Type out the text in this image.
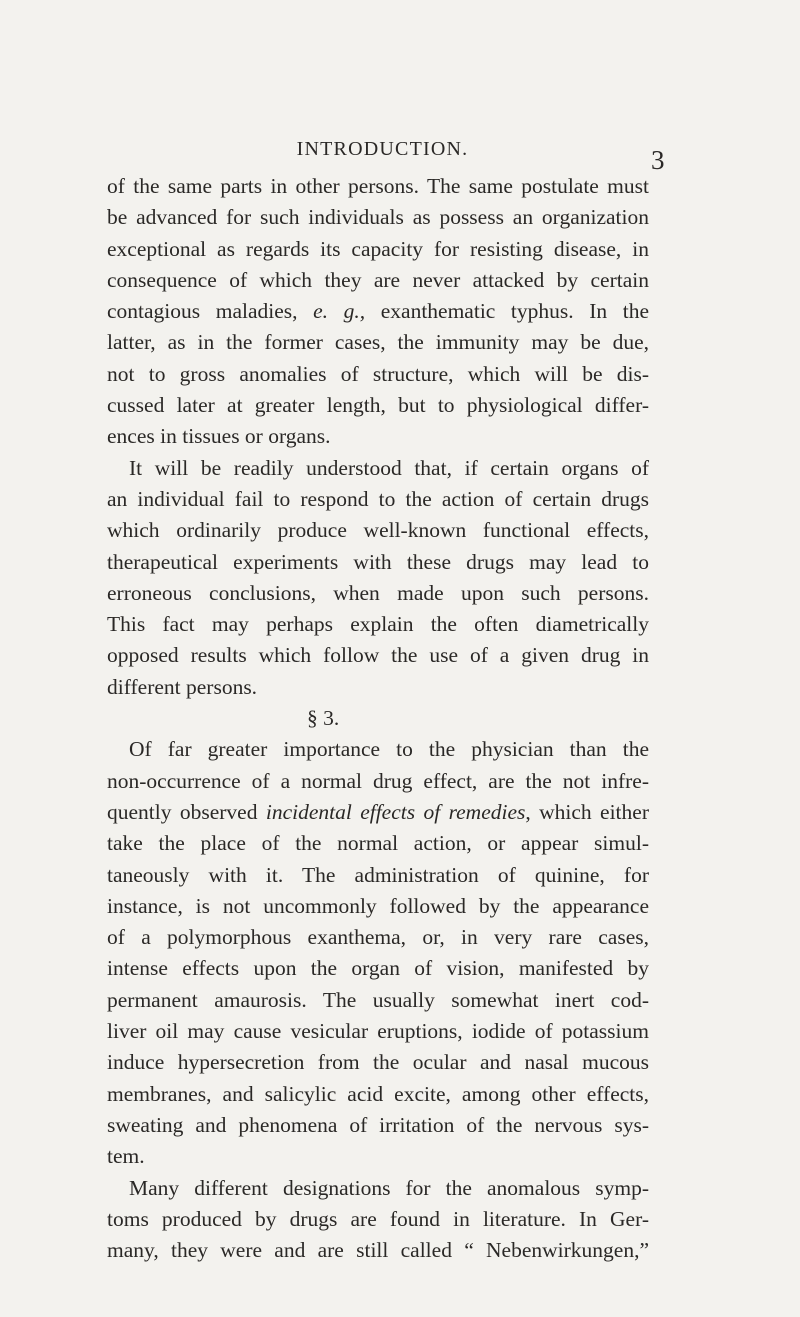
INTRODUCTION.	3
of the same parts in other persons. The same postulate must
be advanced for such individuals as possess an organization
exceptional as regards its capacity for resisting disease, in
consequence of which they are never attacked by certain
contagious maladies, e. g., exanthematic typhus. In the
latter, as in the former cases, the immunity may be due,
not to gross anomalies of structure, which will be dis-
cussed later at greater length, but to physiological differ-
ences in tissues or organs.
It will be readily understood that, if certain organs of
an individual fail to respond to the action of certain drugs
which ordinarily produce well-known functional effects,
therapeutical experiments with these drugs may lead to
erroneous conclusions, when made upon such persons.
This fact may perhaps explain the often diametrically
opposed results which follow the use of a given drug in
different persons.
§ 3.
Of far greater importance to the physician than the
non-occurrence of a normal drug effect, are the not infre-
quently observed incidental effects of remedies, which either
take the place of the normal action, or appear simul-
taneously with it. The administration of quinine, for
instance, is not uncommonly followed by the appearance
of a polymorphous exanthema, or, in very rare cases,
intense effects upon the organ of vision, manifested by
permanent amaurosis. The usually somewhat inert cod-
liver oil may cause vesicular eruptions, iodide of potassium
induce hypersecretion from the ocular and nasal mucous
membranes, and salicylic acid excite, among other effects,
sweating and phenomena of irritation of the nervous sys-
tem.
Many different designations for the anomalous symp-
toms produced by drugs are found in literature. In Ger-
many, they were and are still called “ Nebenwirkungen,”
